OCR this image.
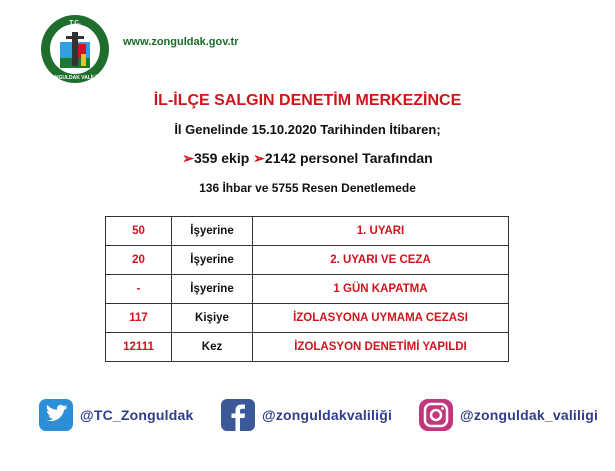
T.C.
ZONGULDAK VALİLİĞİ
www.zonguldak.gov.tr
İL-İLÇE SALGIN DENETİM MERKEZİNCE
İl Genelinde 15.10.2020 Tarihinden İtibaren;
➢359 ekip ➢2142 personel Tarafından
136 İhbar ve 5755 Resen Denetlemede
50	İşyerine	1. UYARI
20	İşyerine	2. UYARI VE CEZA
-	İşyerine	1 GÜN KAPATMA
117	Kişiye	İZOLASYONA UYMAMA CEZASI
12111	Kez	İZOLASYON DENETİMİ YAPILDI
@TC_Zonguldak	@zonguldakvaliliği	@zonguldak_valiligi
